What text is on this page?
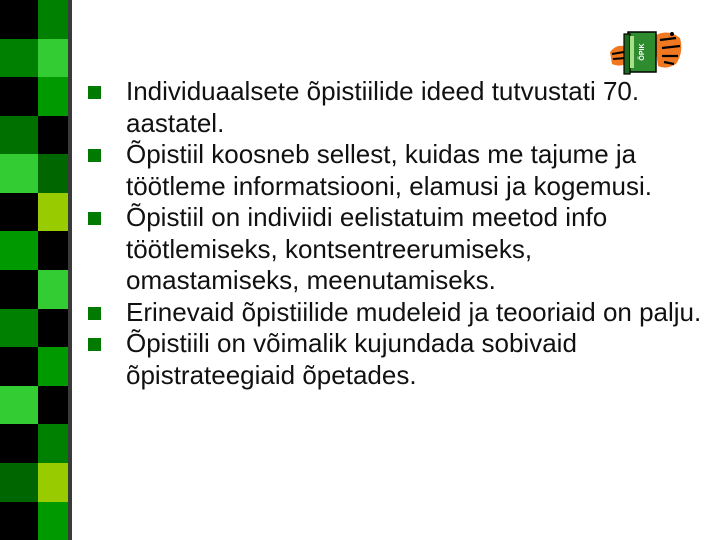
ÕPIK
Individuaalsete õpistiilide ideed tutvustati 70. aastatel.
Õpistiil koosneb sellest, kuidas me tajume ja töötleme informatsiooni, elamusi ja kogemusi.
Õpistiil on indiviidi eelistatuim meetod info töötlemiseks, kontsentreerumiseks, omastamiseks, meenutamiseks.
Erinevaid õpistiilide mudeleid ja teooriaid on palju.
Õpistiili on võimalik kujundada sobivaid õpistrateegiaid õpetades.
